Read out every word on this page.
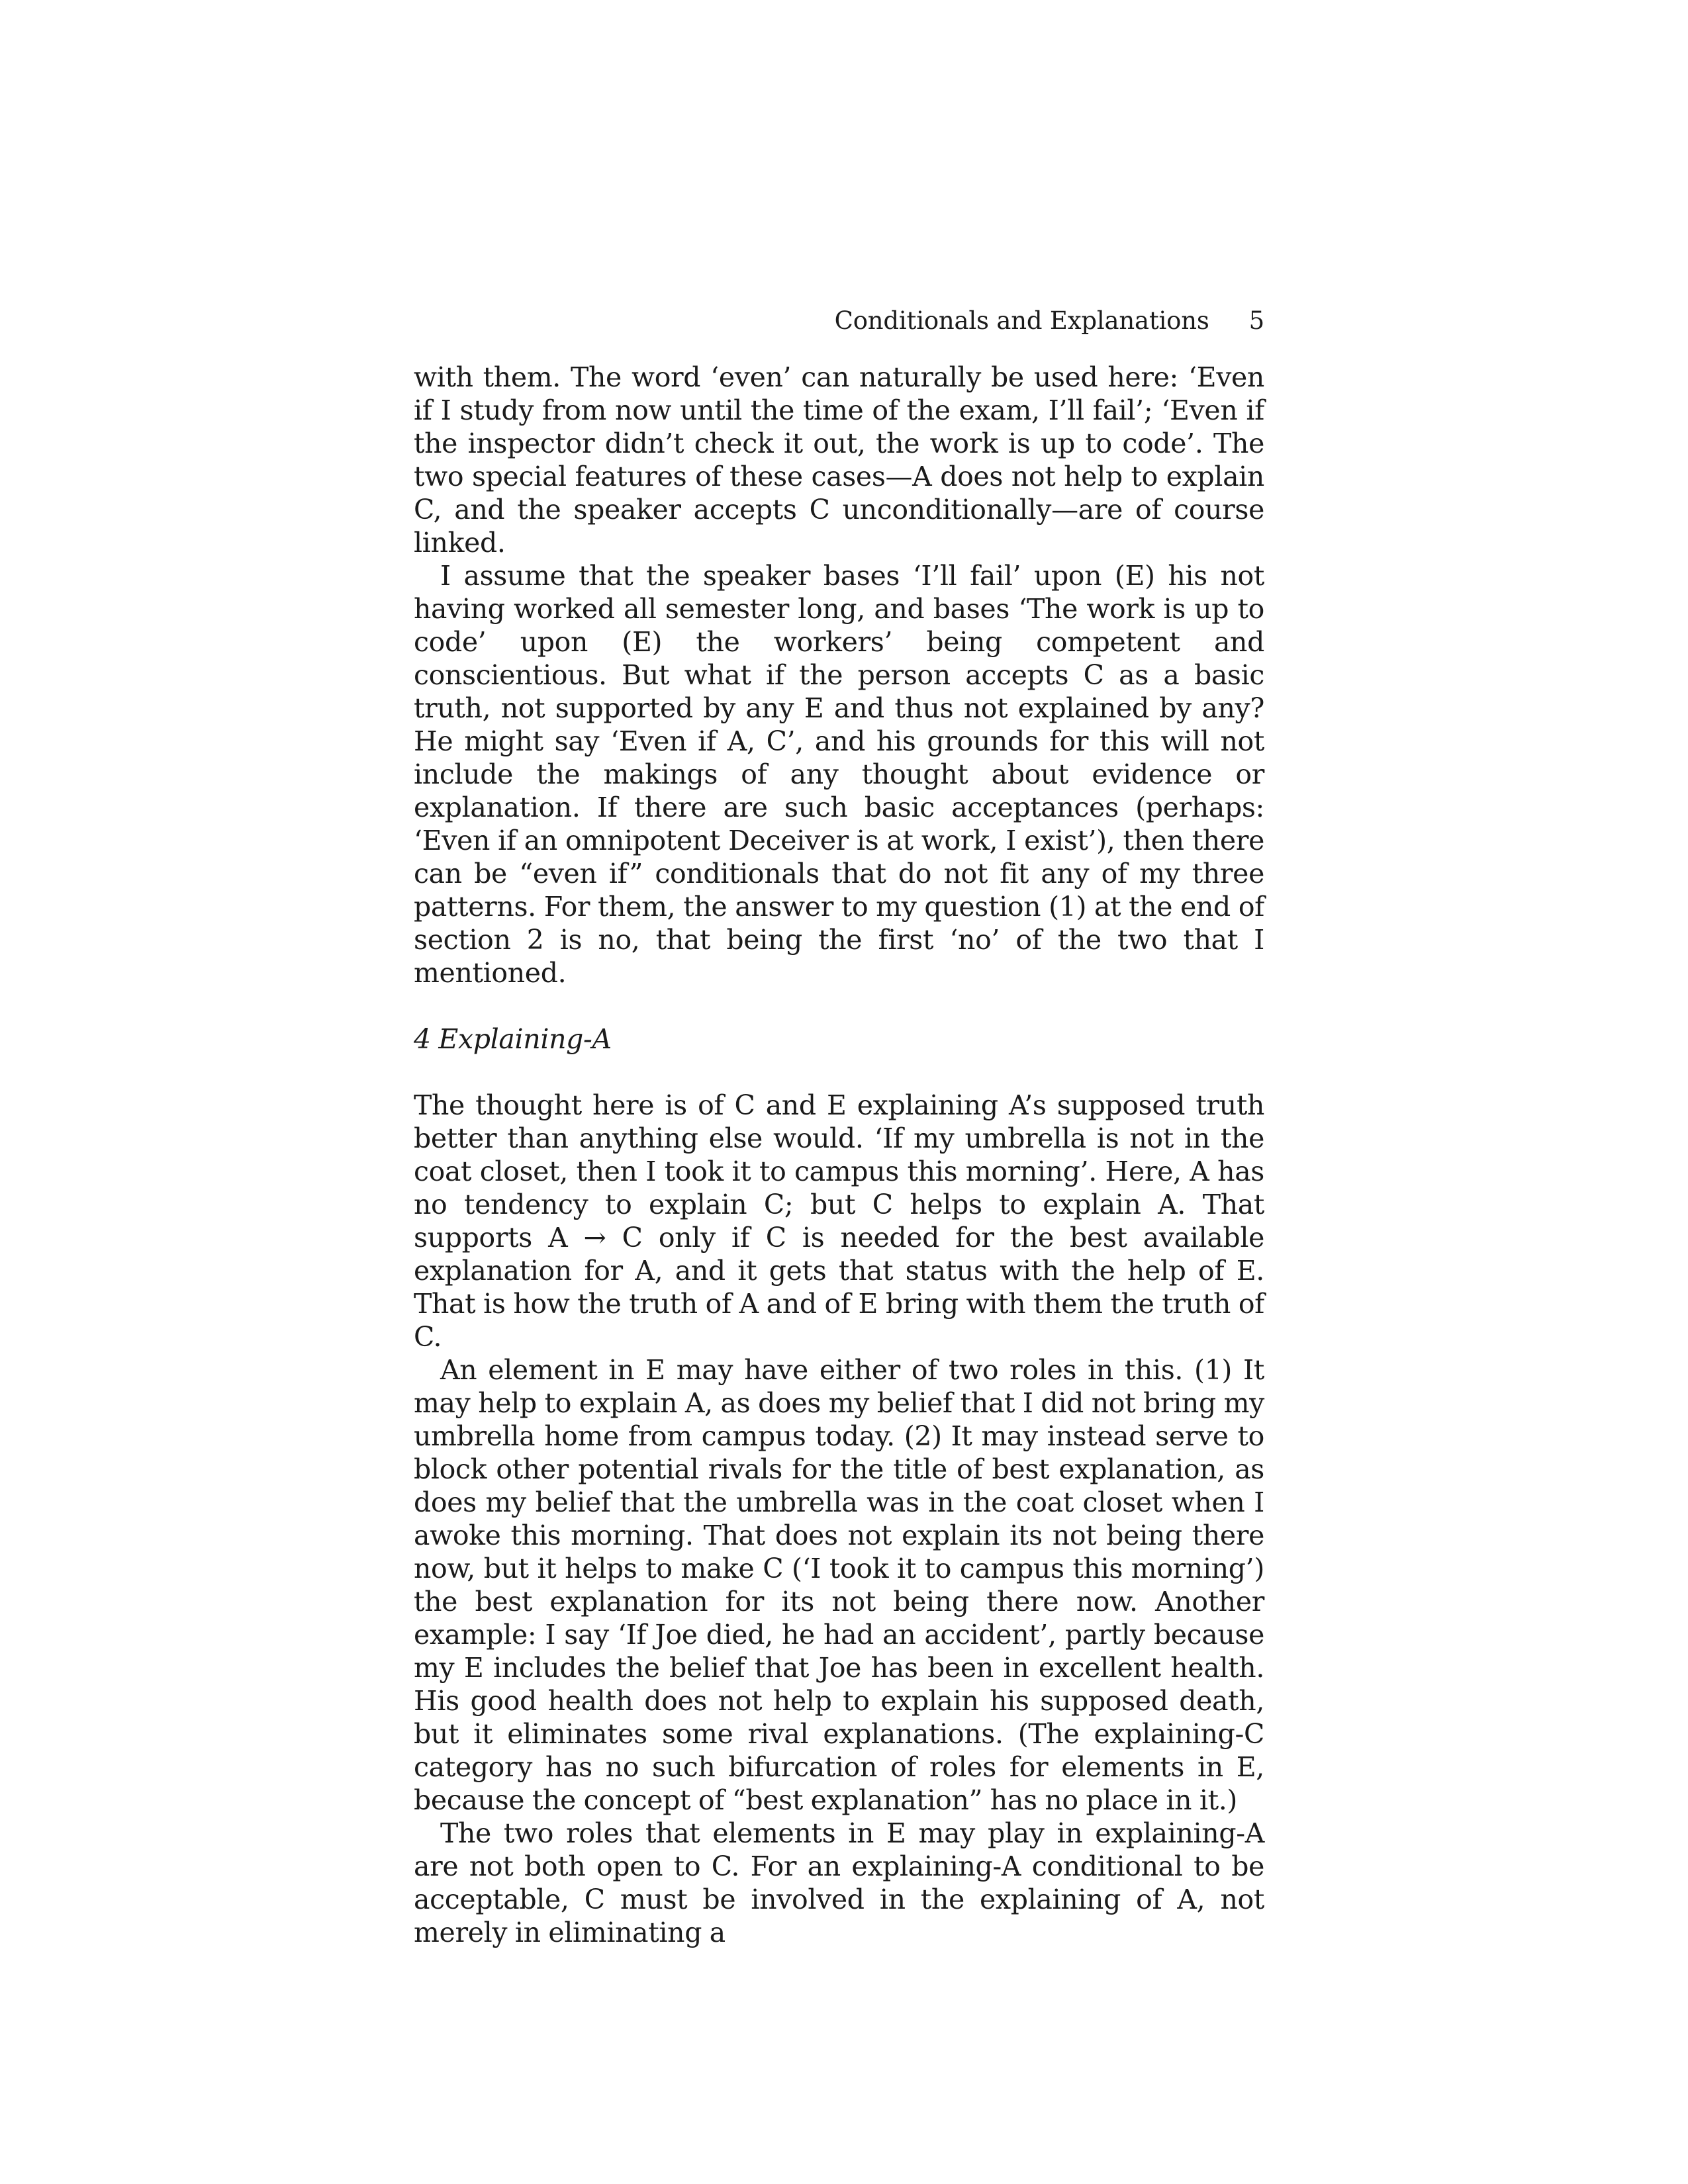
Conditionals and Explanations 5

with them. The word ‘even’ can naturally be used here: ‘Even if I study from now until the time of the exam, I’ll fail’; ‘Even if the inspector didn’t check it out, the work is up to code’. The two special features of these cases—A does not help to explain C, and the speaker accepts C unconditionally—are of course linked.

I assume that the speaker bases ‘I’ll fail’ upon (E) his not having worked all semester long, and bases ‘The work is up to code’ upon (E) the workers’ being competent and conscientious. But what if the person accepts C as a basic truth, not supported by any E and thus not explained by any? He might say ‘Even if A, C’, and his grounds for this will not include the makings of any thought about evidence or explanation. If there are such basic acceptances (perhaps: ‘Even if an omnipotent Deceiver is at work, I exist’), then there can be “even if” conditionals that do not fit any of my three patterns. For them, the answer to my question (1) at the end of section 2 is no, that being the first ‘no’ of the two that I mentioned.

4 Explaining-A

The thought here is of C and E explaining A’s supposed truth better than anything else would. ‘If my umbrella is not in the coat closet, then I took it to campus this morning’. Here, A has no tendency to explain C; but C helps to explain A. That supports A → C only if C is needed for the best available explanation for A, and it gets that status with the help of E. That is how the truth of A and of E bring with them the truth of C.

An element in E may have either of two roles in this. (1) It may help to explain A, as does my belief that I did not bring my umbrella home from campus today. (2) It may instead serve to block other potential rivals for the title of best explanation, as does my belief that the umbrella was in the coat closet when I awoke this morning. That does not explain its not being there now, but it helps to make C (‘I took it to campus this morning’) the best explanation for its not being there now. Another example: I say ‘If Joe died, he had an accident’, partly because my E includes the belief that Joe has been in excellent health. His good health does not help to explain his supposed death, but it eliminates some rival explanations. (The explaining-C category has no such bifurcation of roles for elements in E, because the concept of “best explanation” has no place in it.)

The two roles that elements in E may play in explaining-A are not both open to C. For an explaining-A conditional to be acceptable, C must be involved in the explaining of A, not merely in eliminating a
